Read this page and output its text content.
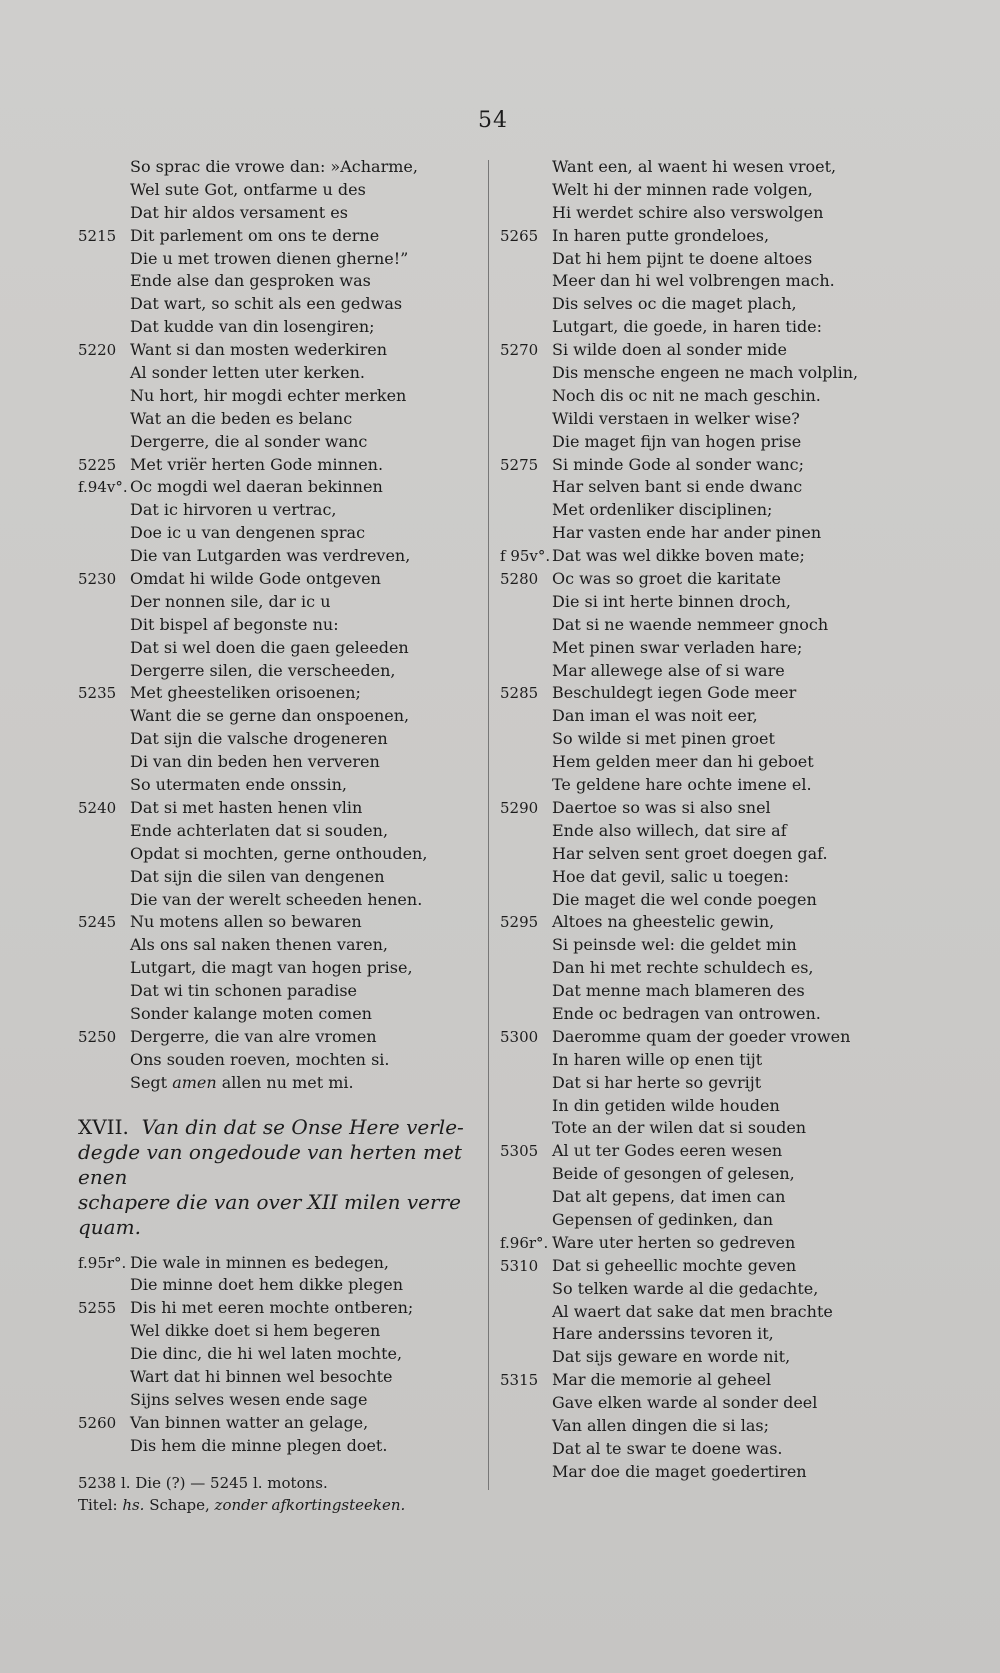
54
So sprac die vrowe dan: »Acharme,
Wel sute Got, ontfarme u des
Dat hir aldos versament es
5215 Dit parlement om ons te derne
Die u met trowen dienen gherne!”
Ende alse dan gesproken was
Dat wart, so schit als een gedwas
Dat kudde van din losengiren;
5220 Want si dan mosten wederkiren
Al sonder letten uter kerken.
Nu hort, hir mogdi echter merken
Wat an die beden es belanc
Dergerre, die al sonder wanc
5225 Met vriër herten Gode minnen.
f.94v°. Oc mogdi wel daeran bekinnen
Dat ic hirvoren u vertrac,
Doe ic u van dengenen sprac
Die van Lutgarden was verdreven,
5230 Omdat hi wilde Gode ontgeven
Der nonnen sile, dar ic u
Dit bispel af begonste nu:
Dat si wel doen die gaen geleeden
Dergerre silen, die verscheeden,
5235 Met gheesteliken orisoenen;
Want die se gerne dan onspoenen,
Dat sijn die valsche drogeneren
Di van din beden hen ververen
So utermaten ende onssin,
5240 Dat si met hasten henen vlin
Ende achterlaten dat si souden,
Opdat si mochten, gerne onthouden,
Dat sijn die silen van dengenen
Die van der werelt scheeden henen.
5245 Nu motens allen so bewaren
Als ons sal naken thenen varen,
Lutgart, die magt van hogen prise,
Dat wi tin schonen paradise
Sonder kalange moten comen
5250 Dergerre, die van alre vromen
Ons souden roeven, mochten si.
Segt amen allen nu met mi.
XVII. Van din dat se Onse Here verle-
degde van ongedoude van herten met enen
schapere die van over XII milen verre quam.
f.95r°. Die wale in minnen es bedegen,
Die minne doet hem dikke plegen
5255 Dis hi met eeren mochte ontberen;
Wel dikke doet si hem begeren
Die dinc, die hi wel laten mochte,
Wart dat hi binnen wel besochte
Sijns selves wesen ende sage
5260 Van binnen watter an gelage,
Dis hem die minne plegen doet.
5238 l. Die (?) — 5245 l. motons.
Titel: hs. Schape, zonder afkortingsteeken.
Want een, al waent hi wesen vroet,
Welt hi der minnen rade volgen,
Hi werdet schire also verswolgen
5265 In haren putte grondeloes,
Dat hi hem pijnt te doene altoes
Meer dan hi wel volbrengen mach.
Dis selves oc die maget plach,
Lutgart, die goede, in haren tide:
5270 Si wilde doen al sonder mide
Dis mensche engeen ne mach volplin,
Noch dis oc nit ne mach geschin.
Wildi verstaen in welker wise?
Die maget fijn van hogen prise
5275 Si minde Gode al sonder wanc;
Har selven bant si ende dwanc
Met ordenliker disciplinen;
Har vasten ende har ander pinen
f 95v°. Dat was wel dikke boven mate;
5280 Oc was so groet die karitate
Die si int herte binnen droch,
Dat si ne waende nemmeer gnoch
Met pinen swar verladen hare;
Mar allewege alse of si ware
5285 Beschuldegt iegen Gode meer
Dan iman el was noit eer,
So wilde si met pinen groet
Hem gelden meer dan hi geboet
Te geldene hare ochte imene el.
5290 Daertoe so was si also snel
Ende also willech, dat sire af
Har selven sent groet doegen gaf.
Hoe dat gevil, salic u toegen:
Die maget die wel conde poegen
5295 Altoes na gheestelic gewin,
Si peinsde wel: die geldet min
Dan hi met rechte schuldech es,
Dat menne mach blameren des
Ende oc bedragen van ontrowen.
5300 Daeromme quam der goeder vrowen
In haren wille op enen tijt
Dat si har herte so gevrijt
In din getiden wilde houden
Tote an der wilen dat si souden
5305 Al ut ter Godes eeren wesen
Beide of gesongen of gelesen,
Dat alt gepens, dat imen can
Gepensen of gedinken, dan
f.96r°. Ware uter herten so gedreven
5310 Dat si geheellic mochte geven
So telken warde al die gedachte,
Al waert dat sake dat men brachte
Hare anderssins tevoren it,
Dat sijs geware en worde nit,
5315 Mar die memorie al geheel
Gave elken warde al sonder deel
Van allen dingen die si las;
Dat al te swar te doene was.
Mar doe die maget goedertiren
